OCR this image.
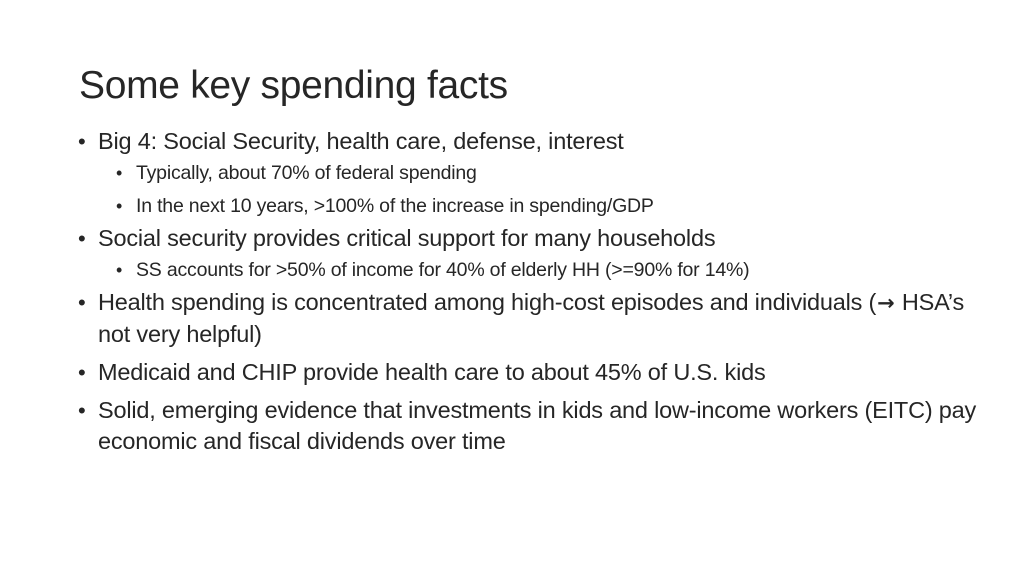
Some key spending facts
• Big 4: Social Security, health care, defense, interest
• Typically, about 70% of federal spending
• In the next 10 years, >100% of the increase in spending/GDP
• Social security provides critical support for many households
• SS accounts for >50% of income for 40% of elderly HH (>=90% for 14%)
• Health spending is concentrated among high-cost episodes and individuals (→ HSA’s not very helpful)
• Medicaid and CHIP provide health care to about 45% of U.S. kids
• Solid, emerging evidence that investments in kids and low-income workers (EITC) pay economic and fiscal dividends over time
